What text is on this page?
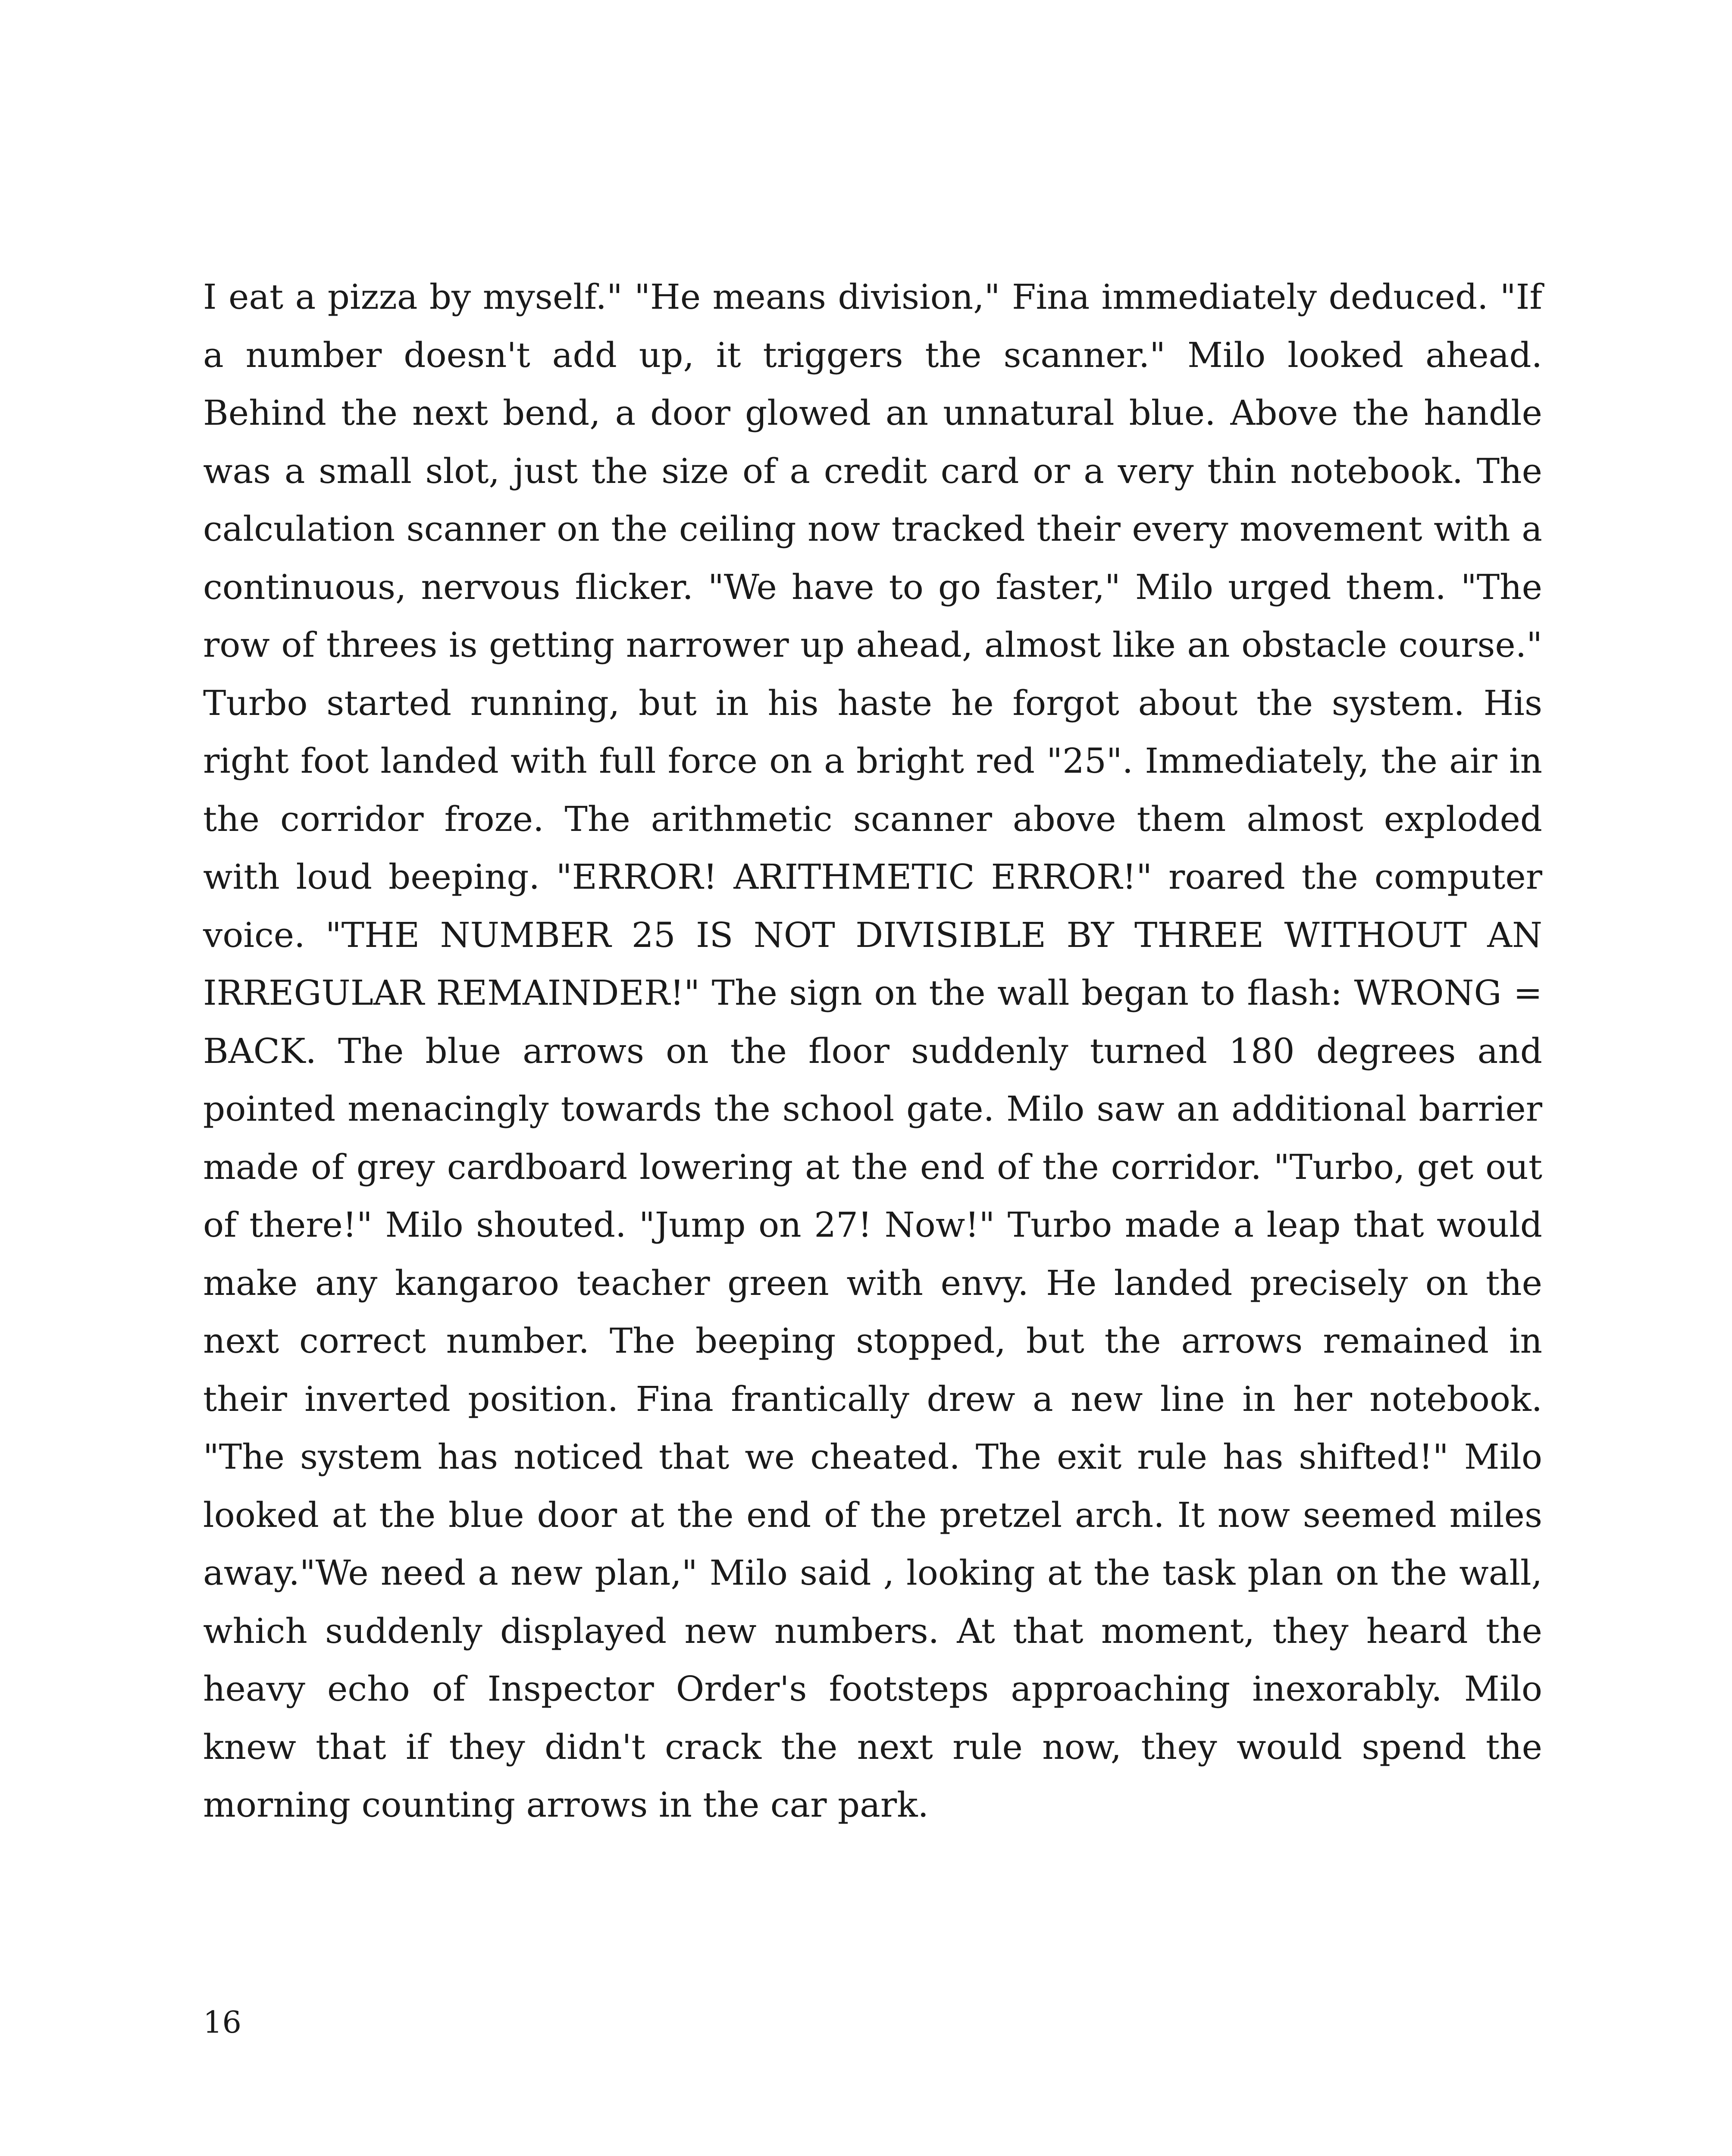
I eat a pizza by myself." "He means division," Fina immediately deduced. "If a number doesn't add up, it triggers the scanner." Milo looked ahead. Behind the next bend, a door glowed an unnatural blue. Above the handle was a small slot, just the size of a credit card or a very thin notebook. The calculation scanner on the ceiling now tracked their every movement with a continuous, nervous flicker. "We have to go faster," Milo urged them. "The row of threes is getting narrower up ahead, almost like an obstacle course." Turbo started running, but in his haste he forgot about the system. His right foot landed with full force on a bright red "25". Immediately, the air in the corridor froze. The arithmetic scanner above them almost exploded with loud beeping. "ERROR! ARITHMETIC ERROR!" roared the computer voice. "THE NUMBER 25 IS NOT DIVISIBLE BY THREE WITHOUT AN IRREGULAR REMAINDER!" The sign on the wall began to flash: WRONG = BACK. The blue arrows on the floor suddenly turned 180 degrees and pointed menacingly towards the school gate. Milo saw an additional barrier made of grey cardboard lowering at the end of the corridor. "Turbo, get out of there!" Milo shouted. "Jump on 27! Now!" Turbo made a leap that would make any kangaroo teacher green with envy. He landed precisely on the next correct number. The beeping stopped, but the arrows remained in their inverted position. Fina frantically drew a new line in her notebook. "The system has noticed that we cheated. The exit rule has shifted!" Milo looked at the blue door at the end of the pretzel arch. It now seemed miles away."We need a new plan," Milo said , looking at the task plan on the wall, which suddenly displayed new numbers. At that moment, they heard the heavy echo of Inspector Order's footsteps approaching inexorably. Milo knew that if they didn't crack the next rule now, they would spend the morning counting arrows in the car park.

16
